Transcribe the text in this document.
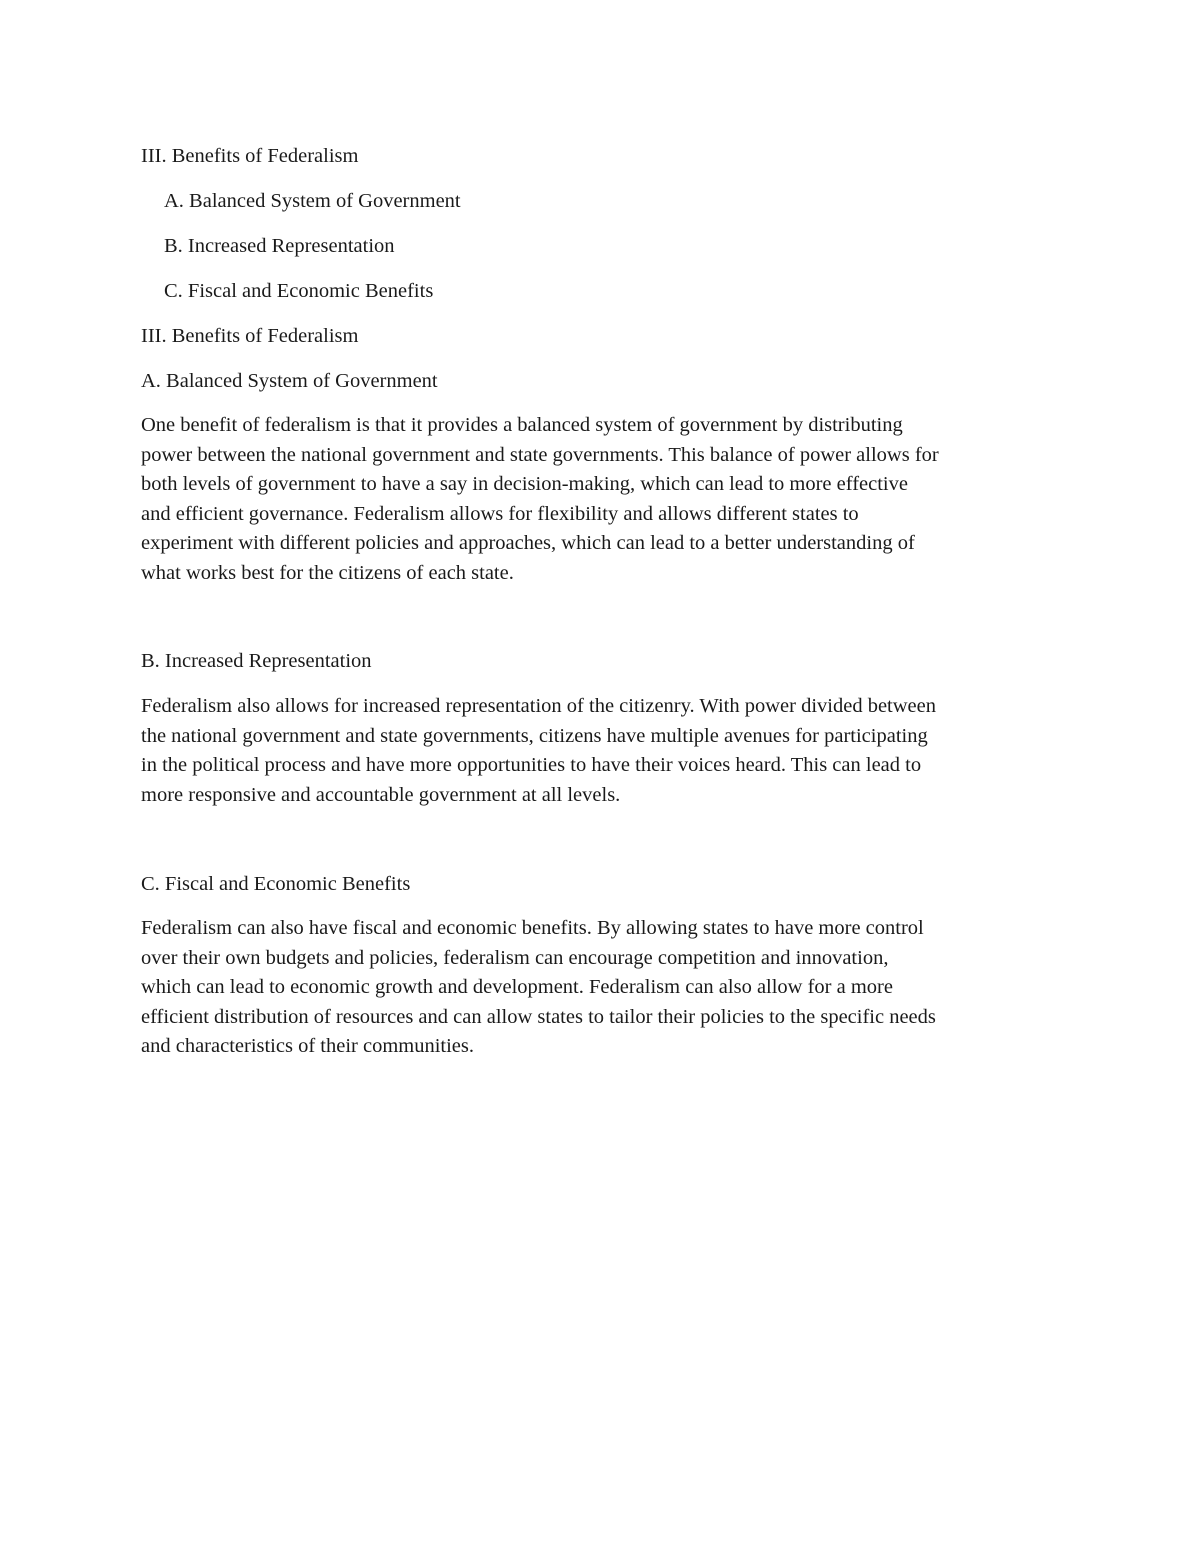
III. Benefits of Federalism
A. Balanced System of Government
B. Increased Representation
C. Fiscal and Economic Benefits
III. Benefits of Federalism
A. Balanced System of Government
One benefit of federalism is that it provides a balanced system of government by distributing
power between the national government and state governments. This balance of power allows for
both levels of government to have a say in decision-making, which can lead to more effective
and efficient governance. Federalism allows for flexibility and allows different states to
experiment with different policies and approaches, which can lead to a better understanding of
what works best for the citizens of each state.
B. Increased Representation
Federalism also allows for increased representation of the citizenry. With power divided between
the national government and state governments, citizens have multiple avenues for participating
in the political process and have more opportunities to have their voices heard. This can lead to
more responsive and accountable government at all levels.
C. Fiscal and Economic Benefits
Federalism can also have fiscal and economic benefits. By allowing states to have more control
over their own budgets and policies, federalism can encourage competition and innovation,
which can lead to economic growth and development. Federalism can also allow for a more
efficient distribution of resources and can allow states to tailor their policies to the specific needs
and characteristics of their communities.
